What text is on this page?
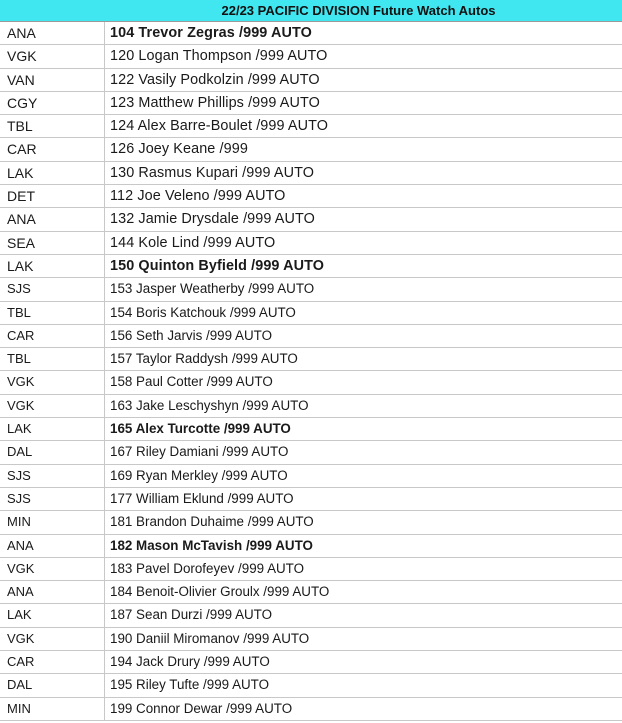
22/23 PACIFIC DIVISION Future Watch Autos
ANA	104 Trevor Zegras /999 AUTO
VGK	120 Logan Thompson /999 AUTO
VAN	122 Vasily Podkolzin /999 AUTO
CGY	123 Matthew Phillips /999 AUTO
TBL	124 Alex Barre-Boulet /999 AUTO
CAR	126 Joey Keane /999
LAK	130 Rasmus Kupari /999 AUTO
DET	112 Joe Veleno /999 AUTO
ANA	132 Jamie Drysdale /999 AUTO
SEA	144 Kole Lind /999 AUTO
LAK	150 Quinton Byfield /999 AUTO
SJS	153 Jasper Weatherby /999 AUTO
TBL	154 Boris Katchouk /999 AUTO
CAR	156 Seth Jarvis /999 AUTO
TBL	157 Taylor Raddysh /999 AUTO
VGK	158 Paul Cotter /999 AUTO
VGK	163 Jake Leschyshyn /999 AUTO
LAK	165 Alex Turcotte /999 AUTO
DAL	167 Riley Damiani /999 AUTO
SJS	169 Ryan Merkley /999 AUTO
SJS	177 William Eklund /999 AUTO
MIN	181 Brandon Duhaime /999 AUTO
ANA	182 Mason McTavish /999 AUTO
VGK	183 Pavel Dorofeyev /999 AUTO
ANA	184 Benoit-Olivier Groulx /999 AUTO
LAK	187 Sean Durzi /999 AUTO
VGK	190 Daniil Miromanov /999 AUTO
CAR	194 Jack Drury /999 AUTO
DAL	195 Riley Tufte /999 AUTO
MIN	199 Connor Dewar /999 AUTO
